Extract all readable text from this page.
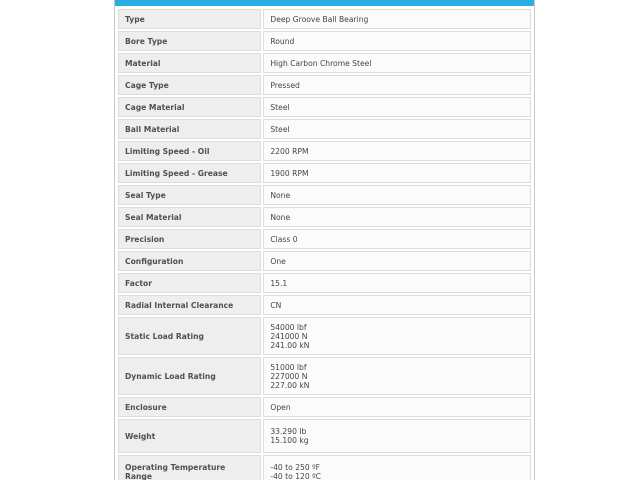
Type	Deep Groove Ball Bearing

Bore Type	Round

Material	High Carbon Chrome Steel

Cage Type	Pressed

Cage Material	Steel

Ball Material	Steel

Limiting Speed - Oil	2200 RPM

Limiting Speed - Grease	1900 RPM

Seal Type	None

Seal Material	None

Precision	Class 0

Configuration	One

Factor	15.1

Radial Internal Clearance	CN

Static Load Rating	54000 lbf
241000 N
241.00 kN

Dynamic Load Rating	51000 lbf
227000 N
227.00 kN

Enclosure	Open

Weight	33.290 lb
15.100 kg

Operating Temperature Range	-40 to 250 ºF
-40 to 120 ºC
